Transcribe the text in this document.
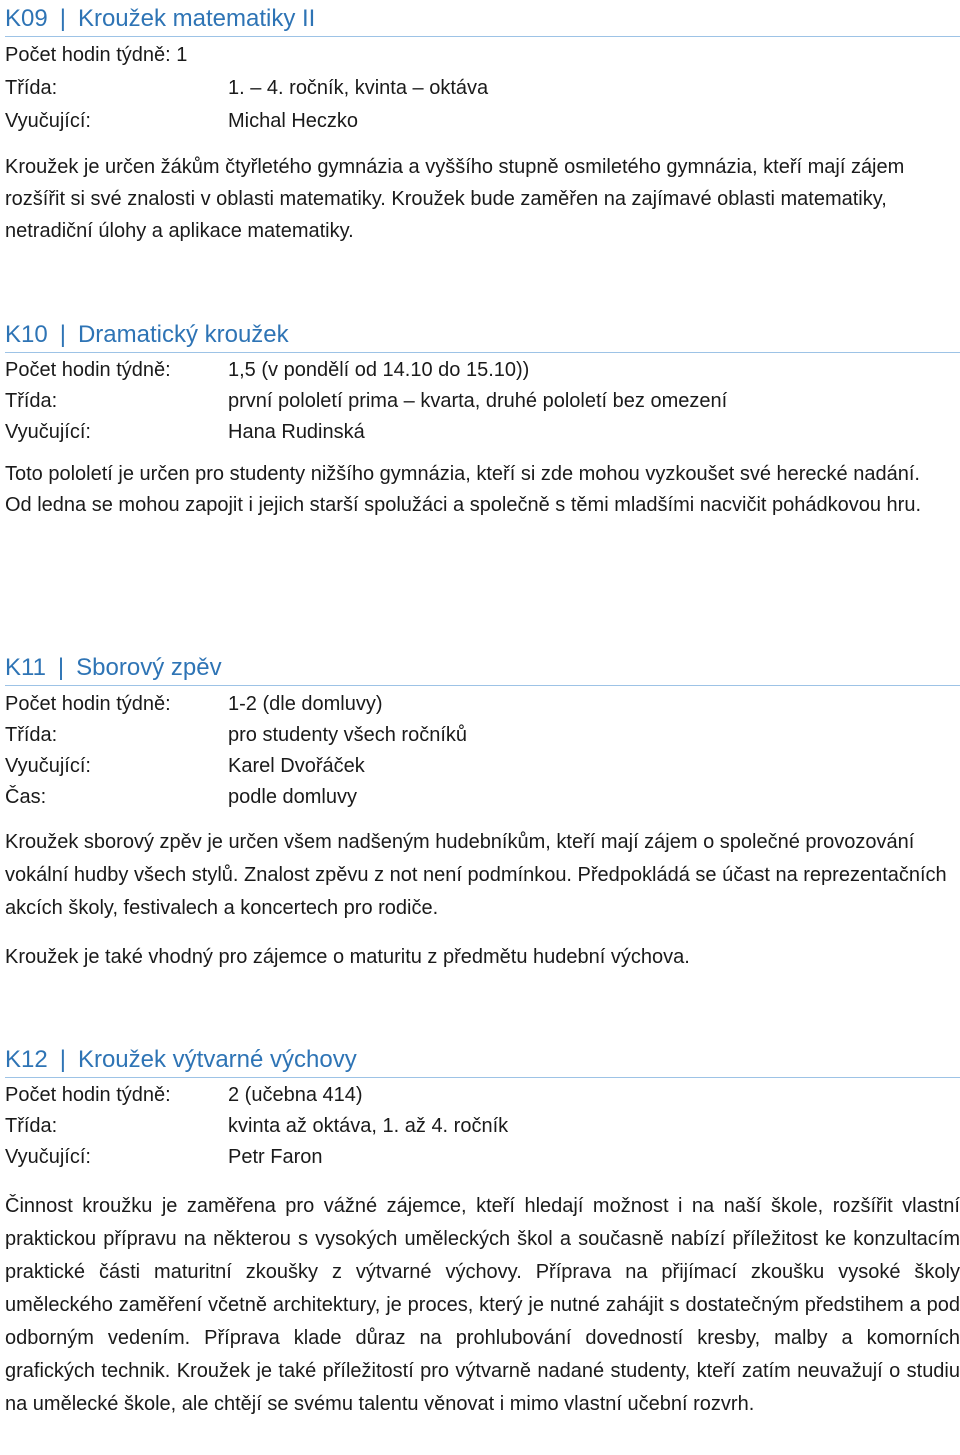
K09 | Kroužek matematiky II
Počet hodin týdně: 1
Třída:	1. – 4. ročník, kvinta – oktáva
Vyučující:	Michal Heczko

Kroužek je určen žákům čtyřletého gymnázia a vyššího stupně osmiletého gymnázia, kteří mají zájem rozšířit si své znalosti v oblasti matematiky. Kroužek bude zaměřen na zajímavé oblasti matematiky, netradiční úlohy a aplikace matematiky.

K10 | Dramatický kroužek
Počet hodin týdně:	1,5 (v pondělí od 14.10 do 15.10))
Třída:	první pololetí prima – kvarta, druhé pololetí bez omezení
Vyučující:	Hana Rudinská

Toto pololetí je určen pro studenty nižšího gymnázia, kteří si zde mohou vyzkoušet své herecké nadání.

Od ledna se mohou zapojit i jejich starší spolužáci a společně s těmi mladšími nacvičit pohádkovou hru.

K11 | Sborový zpěv
Počet hodin týdně:	1-2 (dle domluvy)
Třída:	pro studenty všech ročníků
Vyučující:	Karel Dvořáček
Čas:	podle domluvy

Kroužek sborový zpěv je určen všem nadšeným hudebníkům, kteří mají zájem o společné provozování vokální hudby všech stylů. Znalost zpěvu z not není podmínkou. Předpokládá se účast na reprezentačních akcích školy, festivalech a koncertech pro rodiče.

Kroužek je také vhodný pro zájemce o maturitu z předmětu hudební výchova.

K12 | Kroužek výtvarné výchovy
Počet hodin týdně:	2 (učebna 414)
Třída:	kvinta až oktáva, 1. až 4. ročník
Vyučující:	Petr Faron

Činnost kroužku je zaměřena pro vážné zájemce, kteří hledají možnost i na naší škole, rozšířit vlastní praktickou přípravu na některou s vysokých uměleckých škol a současně nabízí příležitost ke konzultacím praktické části maturitní zkoušky z výtvarné výchovy. Příprava na přijímací zkoušku vysoké školy uměleckého zaměření včetně architektury, je proces, který je nutné zahájit s dostatečným předstihem a pod odborným vedením. Příprava klade důraz na prohlubování dovedností kresby, malby a komorních grafických technik. Kroužek je také příležitostí pro výtvarně nadané studenty, kteří zatím neuvažují o studiu na umělecké škole, ale chtějí se svému talentu věnovat i mimo vlastní učební rozvrh.
